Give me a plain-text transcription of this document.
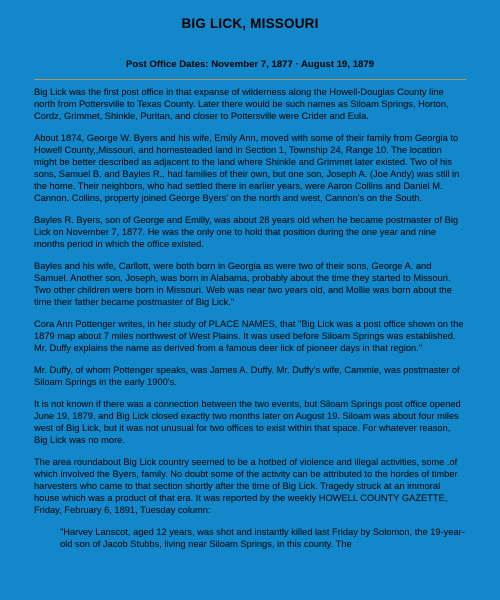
BIG LICK, MISSOURI
Post Office Dates: November 7, 1877 · August 19, 1879

Big Lick was the first post office in that expanse of wilderness along the Howell-Douglas County line north from Pottersville to Texas County. Later there would be such names as Siloam Springs, Horton, Cordz, Grimmet, Shinkle, Puritan, and closer to Pottersville were Crider and Eula.

About 1874, George W. Byers and his wife, Emily Ann, moved with some of their family from Georgia to Howell County,,Missouri, and homesteaded land in Section 1, Township 24, Range 10. The location might be better described as adjacent to the land where Shinkle and Grimmet later existed. Two of his sons, Samuel B. and Bayles R., had families of their own, but one son, Joseph A. (Joe Andy) was still in the home. Their neighbors, who had settled there in earlier years, were Aaron Collins and Daniel M. Cannon. Collins, property joined George Byers' on the north and west, Cannon's on the South.

Bayles R. Byers, son of George and Emilly, was about 28 years old when he became postmaster of Big Lick on November 7, 1877. He was the only one to hold that position during the one year and nine months period in which the office existed.

Bayles and his wife, Carllott, were both born in Georgia as were two of their sons, George A. and Samuel. Another son, Joseph, was born in Alabama, probably about the time they started to Missouri. Two other children were born in Missouri. Web was near two years old, and Mollie was born about the time their father became postmaster of Big Lick."

Cora Ann Pottenger writes, in her study of PLACE NAMES, that "Big Lick was a post office shown on the 1879 map about 7 miles northwest of West Plains. It was used before Siloam Springs was established. Mr. Duffy explains the name as derived from a famous deer lick of pioneer days in that region."

Mr. Duffy, of whom Pottenger speaks, was James A. Duffy. Mr. Duffy's wife, Cammie, was postmaster of Siloam Springs in the early 1900's.

It is not known if there was a connection between the two events, but Siloam Springs post office opened June 19, 1879, and Big Lick closed exactly two months later on August 19. Siloam was about four miles west of Big Lick, but it was not unusual for two offices to exist within that space. For whatever reason, Big Lick was no more.

The area roundabout Big Lick country seemed to be a hotbed of violence and illegal activities, some .of which involved the Byers, family. No doubt some of the activity can be attributed to the hordes of timber harvesters who came to that section shortly after the time of Big Lick. Tragedy struck at an immoral house which was a product of that era. It was reported by the weekly HOWELL COUNTY GAZETTE, Friday, February 6, 1891, Tuesday column:

"Harvey Lanscot, aged 12 years, was shot and instantly killed last Friday by Solomon, the 19-year-old son of Jacob Stubbs, living near Siloam Springs, in this county. The
